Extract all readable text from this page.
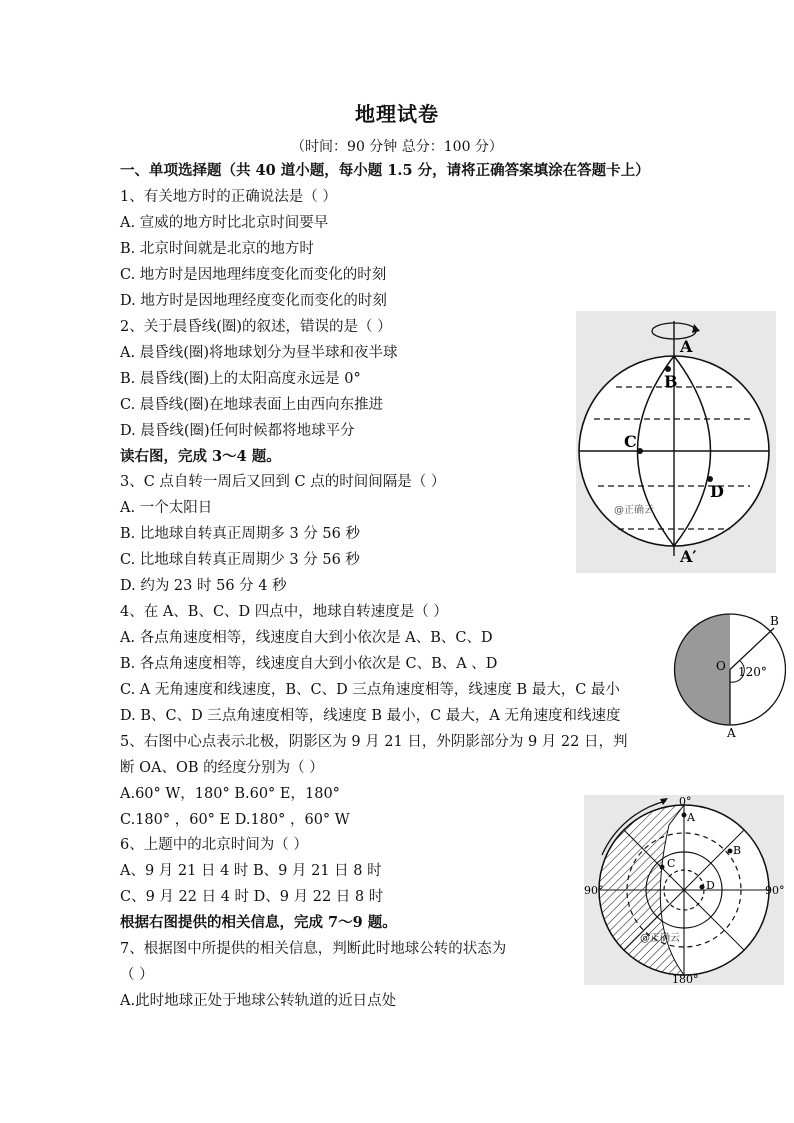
地理试卷
（时间：90 分钟 总分：100 分）
一、单项选择题（共 40 道小题，每小题 1.5 分，请将正确答案填涂在答题卡上）
1、有关地方时的正确说法是（ ）
A. 宣威的地方时比北京时间要早
B. 北京时间就是北京的地方时
C. 地方时是因地理纬度变化而变化的时刻
D. 地方时是因地理经度变化而变化的时刻
2、关于晨昏线(圈)的叙述，错误的是（ ）
A. 晨昏线(圈)将地球划分为昼半球和夜半球
B. 晨昏线(圈)上的太阳高度永远是 0°
C. 晨昏线(圈)在地球表面上由西向东推进
D. 晨昏线(圈)任何时候都将地球平分
读右图，完成 3～4 题。
3、C 点自转一周后又回到 C 点的时间间隔是（ ）
A. 一个太阳日
B. 比地球自转真正周期多 3 分 56 秒
C. 比地球自转真正周期少 3 分 56 秒
D. 约为 23 时 56 分 4 秒
4、在 A、B、C、D 四点中，地球自转速度是（ ）
A. 各点角速度相等，线速度自大到小依次是 A、B、C、D
B. 各点角速度相等，线速度自大到小依次是 C、B、A 、D
C. A 无角速度和线速度，B、C、D 三点角速度相等，线速度 B 最大，C 最小
D. B、C、D 三点角速度相等，线速度 B 最小，C 最大，A 无角速度和线速度
5、右图中心点表示北极，阴影区为 9 月 21 日，外阴影部分为 9 月 22 日，判
断 OA、OB 的经度分别为（ ）
A.60° W，180° B.60° E，180°
C.180° ，60° E D.180° ，60° W
6、上题中的北京时间为（ ）
A、9 月 21 日 4 时 B、9 月 21 日 8 时
C、9 月 22 日 4 时 D、9 月 22 日 8 时
根据右图提供的相关信息，完成 7～9 题。
7、根据图中所提供的相关信息，判断此时地球公转的状态为
（ ）
A.此时地球正处于地球公转轨道的近日点处
A
B
C
D
A′
@正确云
B
O 120°
A
0°
A
B
C
D
90°	90°
180°
@正确云
